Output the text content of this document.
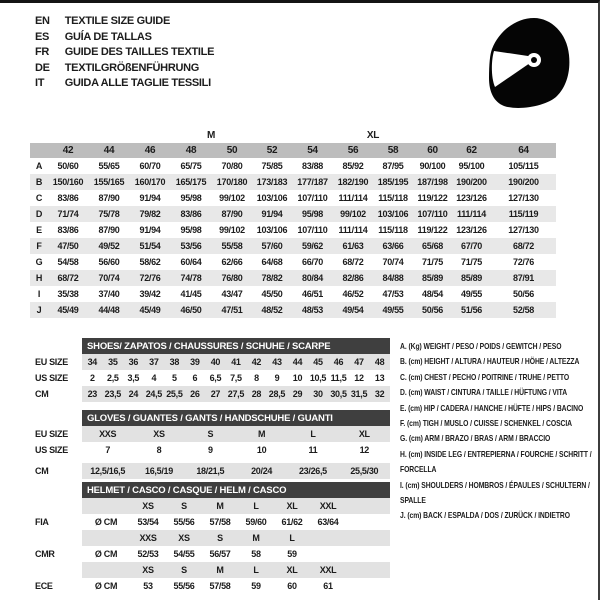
EN TEXTILE SIZE GUIDE
ES GUÍA DE TALLAS
FR GUIDE DES TAILLES TEXTILE
DE TEXTILGRÖßENFÜHRUNG
IT GUIDA ALLE TAGLIE TESSILI
		S		M		L		XL		XXL		
	42	44	46	48	50	52	54	56	58	60	62	64
A	50/60	55/65	60/70	65/75	70/80	75/85	83/88	85/92	87/95	90/100	95/100	105/115
B	150/160	155/165	160/170	165/175	170/180	173/183	177/187	182/190	185/195	187/198	190/200	190/200
C	83/86	87/90	91/94	95/98	99/102	103/106	107/110	111/114	115/118	119/122	123/126	127/130
D	71/74	75/78	79/82	83/86	87/90	91/94	95/98	99/102	103/106	107/110	111/114	115/119
E	83/86	87/90	91/94	95/98	99/102	103/106	107/110	111/114	115/118	119/122	123/126	127/130
F	47/50	49/52	51/54	53/56	55/58	57/60	59/62	61/63	63/66	65/68	67/70	68/72
G	54/58	56/60	58/62	60/64	62/66	64/68	66/70	68/72	70/74	71/75	71/75	72/76
H	68/72	70/74	72/76	74/78	76/80	78/82	80/84	82/86	84/88	85/89	85/89	87/91
I	35/38	37/40	39/42	41/45	43/47	45/50	46/51	46/52	47/53	48/54	49/55	50/56
J	45/49	44/48	45/49	46/50	47/51	48/52	48/53	49/54	49/55	50/56	51/56	52/58
	SHOES/ ZAPATOS / CHAUSSURES / SCHUHE / SCARPE														
EU SIZE	34	35	36	37	38	39	40	41	42	43	44	45	46	47	48
US SIZE	2	2,5	3,5	4	5	6	6,5	7,5	8	9	10	10,5	11,5	12	13
CM	23	23,5	24	24,5	25,5	26	27	27,5	28	28,5	29	30	30,5	31,5	32
	GLOVES / GUANTES / GANTS / HANDSCHUHE / GUANTI					
EU SIZE	XXS	XS	S	M	L	XL
US SIZE	7	8	9	10	11	12

CM	12,5/16,5	16,5/19	18/21,5	20/24	23/26,5	25,5/30
	HELMET / CASCO / CASQUE / HELM / CASCO							
		XS	S	M	L	XL	XXL	
FIA	Ø CM	53/54	55/56	57/58	59/60	61/62	63/64	
		XXS	XS	S	M	L		
CMR	Ø CM	52/53	54/55	56/57	58	59		
		XS	S	M	L	XL	XXL	
ECE	Ø CM	53	55/56	57/58	59	60	61	
A. (Kg) WEIGHT / PESO / POIDS / GEWITCH / PESO
B. (cm) HEIGHT / ALTURA / HAUTEUR / HÖHE / ALTEZZA
C. (cm) CHEST / PECHO / POITRINE / TRUHE / PETTO
D. (cm) WAIST / CINTURA / TAILLE / HÜFTUNG / VITA
E. (cm) HIP / CADERA / HANCHE / HÜFTE / HIPS / BACINO
F. (cm) TIGH / MUSLO / CUISSE / SCHENKEL / COSCIA
G. (cm) ARM / BRAZO / BRAS / ARM / BRACCIO
H. (cm) INSIDE LEG / ENTREPIERNA / FOURCHE / SCHRITT / FORCELLA
I. (cm) SHOULDERS / HOMBROS / ÉPAULES / SCHULTERN / SPALLE
J. (cm) BACK / ESPALDA / DOS / ZURÜCK / INDIETRO
